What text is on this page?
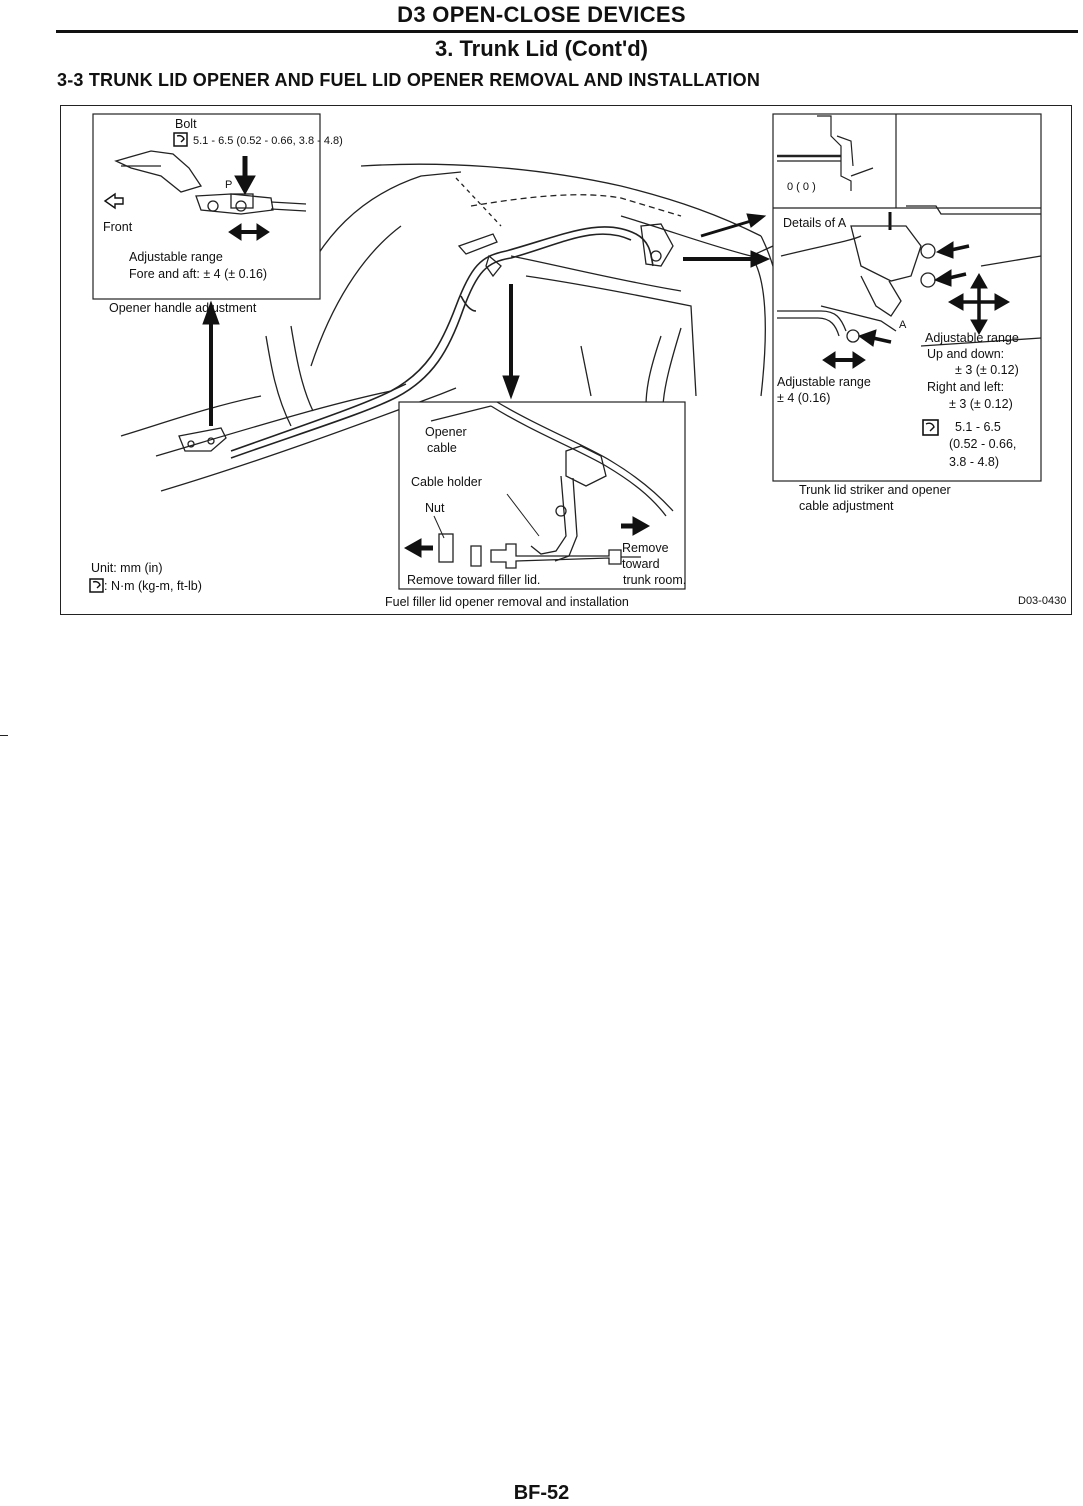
D3 OPEN-CLOSE DEVICES
3. Trunk Lid (Cont'd)
3-3 TRUNK LID OPENER AND FUEL LID OPENER REMOVAL AND INSTALLATION
Bolt
5.1 - 6.5 (0.52 - 0.66, 3.8 - 4.8)
P
Front
Adjustable range
Fore and aft: ± 4 (± 0.16)
Opener handle adjustment
0 ( 0 )
Details of A
A
Adjustable range
Up and down:
± 3 (± 0.12)
Adjustable range
± 4 (0.16)
Right and left:
± 3 (± 0.12)
5.1 - 6.5
(0.52 - 0.66,
3.8 - 4.8)
Trunk lid striker and opener
cable adjustment
Opener
cable
Cable holder
Nut
Remove
toward
Remove toward filler lid.	trunk room.
Fuel filler lid opener removal and installation
Unit: mm (in)
: N·m (kg-m, ft-lb)
D03-0430
BF-52
